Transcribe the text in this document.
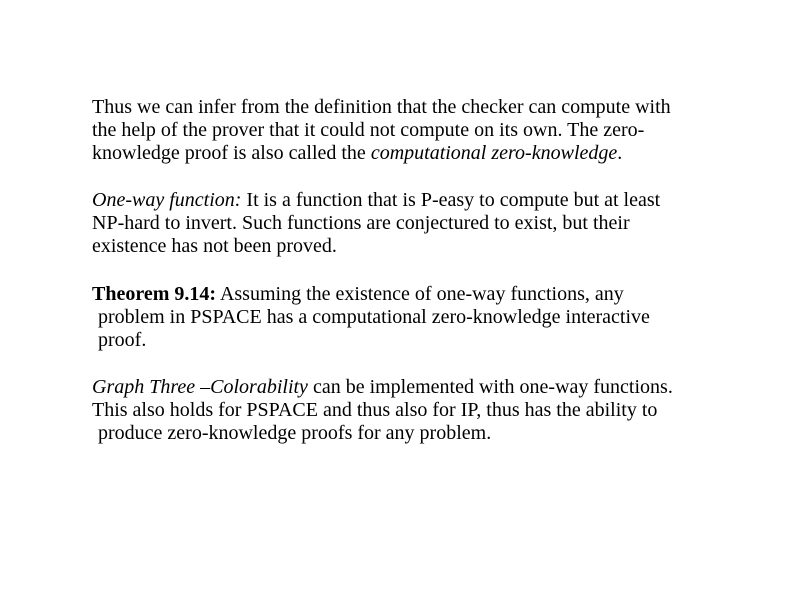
Thus we can infer from the definition that the checker can compute with
the help of the prover that it could not compute on its own. The zero-
knowledge proof is also called the computational zero-knowledge.

One-way function: It is a function that is P-easy to compute but at least
NP-hard to invert. Such functions are conjectured to exist, but their
existence has not been proved.

Theorem 9.14: Assuming the existence of one-way functions, any
problem in PSPACE has a computational zero-knowledge interactive
proof.

Graph Three –Colorability can be implemented with one-way functions.
This also holds for PSPACE and thus also for IP, thus has the ability to
produce zero-knowledge proofs for any problem.
